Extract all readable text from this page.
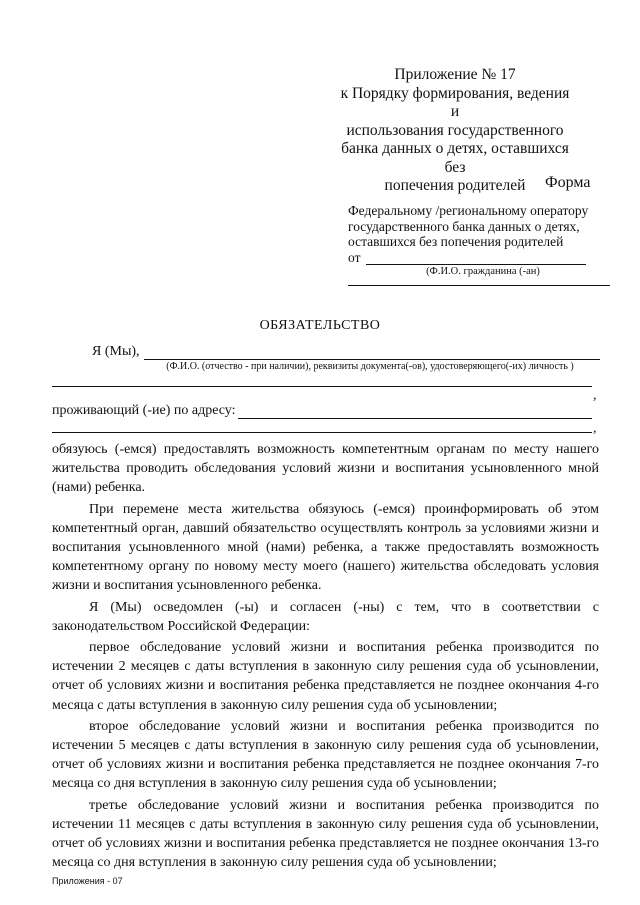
Приложение № 17
к Порядку формирования, ведения и
использования государственного
банка данных о детях, оставшихся без
попечения родителей	Форма
Федеральному /региональному оператору
государственного банка данных о детях,
оставшихся без попечения родителей
от
(Ф.И.О. гражданина (-ан)
ОБЯЗАТЕЛЬСТВО
Я (Мы),
(Ф.И.О. (отчество - при наличии), реквизиты документа(-ов), удостоверяющего(-их) личность )
,
проживающий (-ие) по адресу:
,

обязуюсь (-емся) предоставлять возможность компетентным органам по месту нашего жительства проводить обследования условий жизни и воспитания усыновленного мной (нами) ребенка.

При перемене места жительства обязуюсь (-емся) проинформировать об этом компетентный орган, давший обязательство осуществлять контроль за условиями жизни и воспитания усыновленного мной (нами) ребенка, а также предоставлять возможность компетентному органу по новому месту моего (нашего) жительства обследовать условия жизни и воспитания усыновленного ребенка.

Я (Мы) осведомлен (-ы) и согласен (-ны) с тем, что в соответствии с законодательством Российской Федерации:

первое обследование условий жизни и воспитания ребенка производится по истечении 2 месяцев с даты вступления в законную силу решения суда об усыновлении, отчет об условиях жизни и воспитания ребенка представляется не позднее окончания 4-го месяца с даты вступления в законную силу решения суда об усыновлении;

второе обследование условий жизни и воспитания ребенка производится по истечении 5 месяцев с даты вступления в законную силу решения суда об усыновлении, отчет об условиях жизни и воспитания ребенка представляется не позднее окончания 7-го месяца со дня вступления в законную силу решения суда об усыновлении;

третье обследование условий жизни и воспитания ребенка производится по истечении 11 месяцев с даты вступления в законную силу решения суда об усыновлении, отчет об условиях жизни и воспитания ребенка представляется не позднее окончания 13-го месяца со дня вступления в законную силу решения суда об усыновлении;

Приложения - 07
